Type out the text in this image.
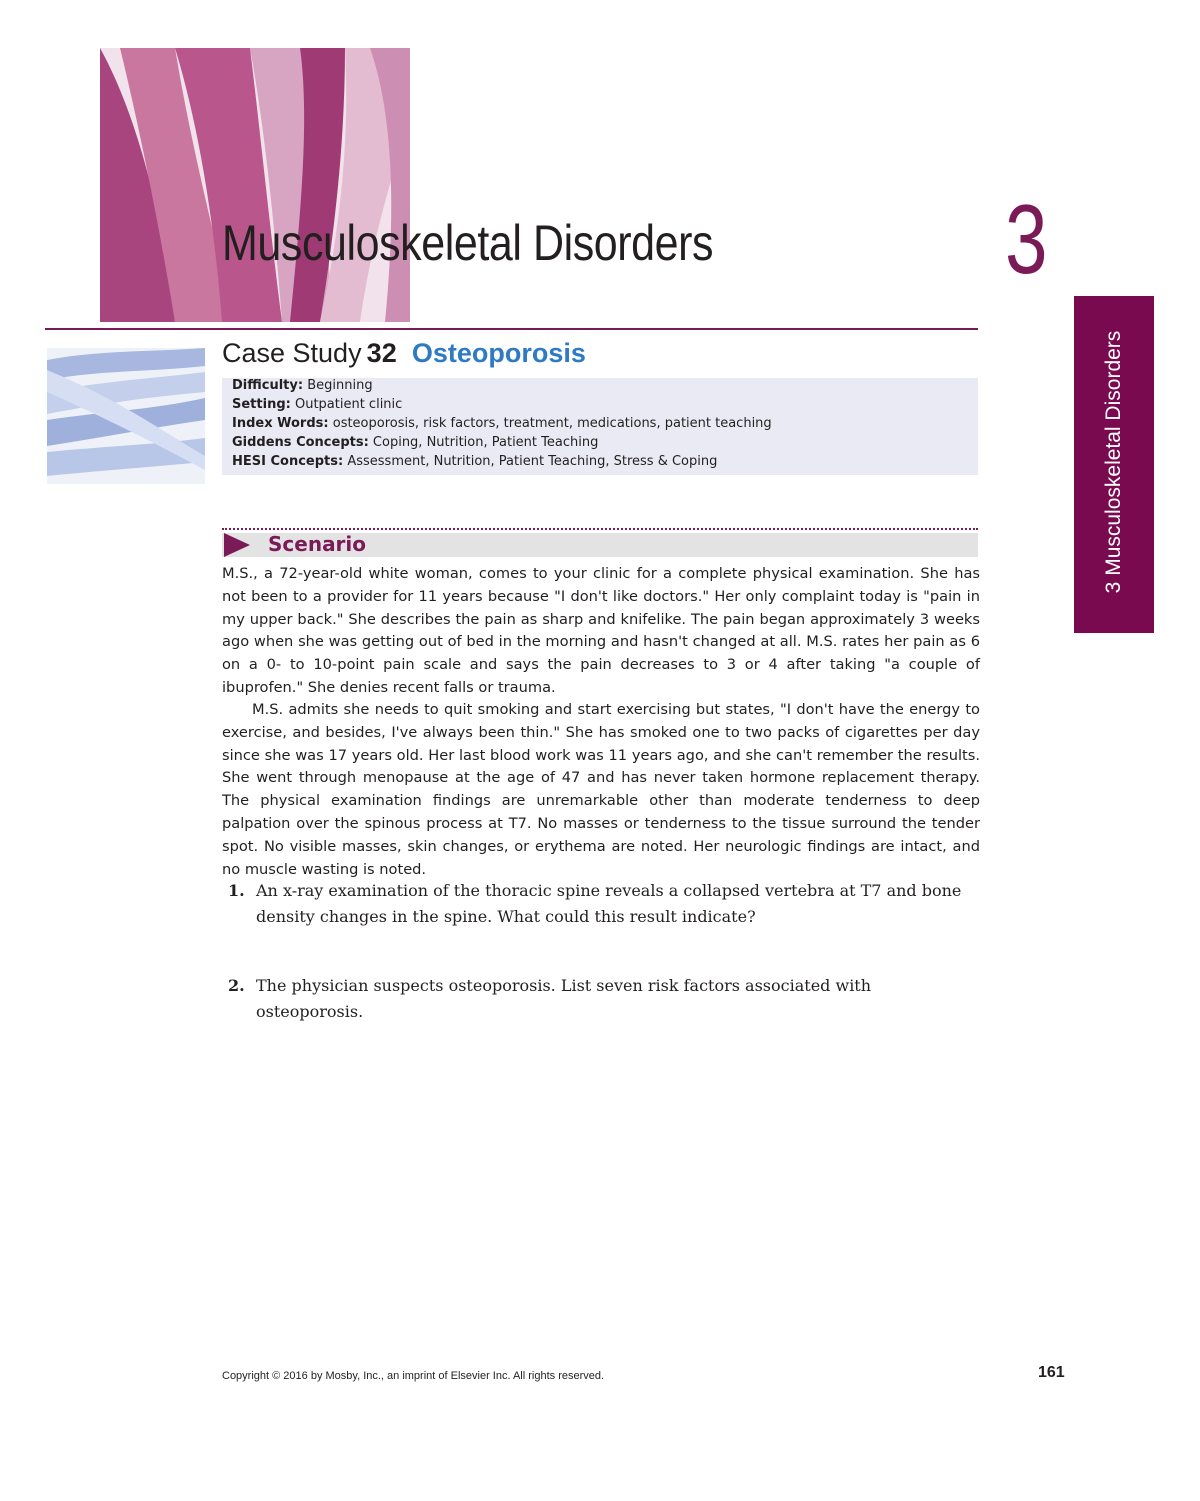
Musculoskeletal Disorders	3
3 Musculoskeletal Disorders
Case Study 32 Osteoporosis
Difficulty: Beginning
Setting: Outpatient clinic
Index Words: osteoporosis, risk factors, treatment, medications, patient teaching
Giddens Concepts: Coping, Nutrition, Patient Teaching
HESI Concepts: Assessment, Nutrition, Patient Teaching, Stress & Coping
Scenario

M.S., a 72-year-old white woman, comes to your clinic for a complete physical examination. She has not been to a provider for 11 years because "I don't like doctors." Her only complaint today is "pain in my upper back." She describes the pain as sharp and knifelike. The pain began approximately 3 weeks ago when she was getting out of bed in the morning and hasn't changed at all. M.S. rates her pain as 6 on a 0- to 10-point pain scale and says the pain decreases to 3 or 4 after taking "a couple of ibuprofen." She denies recent falls or trauma.

M.S. admits she needs to quit smoking and start exercising but states, "I don't have the energy to exercise, and besides, I've always been thin." She has smoked one to two packs of cigarettes per day since she was 17 years old. Her last blood work was 11 years ago, and she can't remember the results. She went through menopause at the age of 47 and has never taken hormone replacement therapy. The physical examination findings are unremarkable other than moderate tenderness to deep palpation over the spinous process at T7. No masses or tenderness to the tissue surround the tender spot. No visible masses, skin changes, or erythema are noted. Her neurologic findings are intact, and no muscle wasting is noted.

1. An x-ray examination of the thoracic spine reveals a collapsed vertebra at T7 and bone density changes in the spine. What could this result indicate?
2. The physician suspects osteoporosis. List seven risk factors associated with osteoporosis.
Copyright © 2016 by Mosby, Inc., an imprint of Elsevier Inc. All rights reserved.	161
